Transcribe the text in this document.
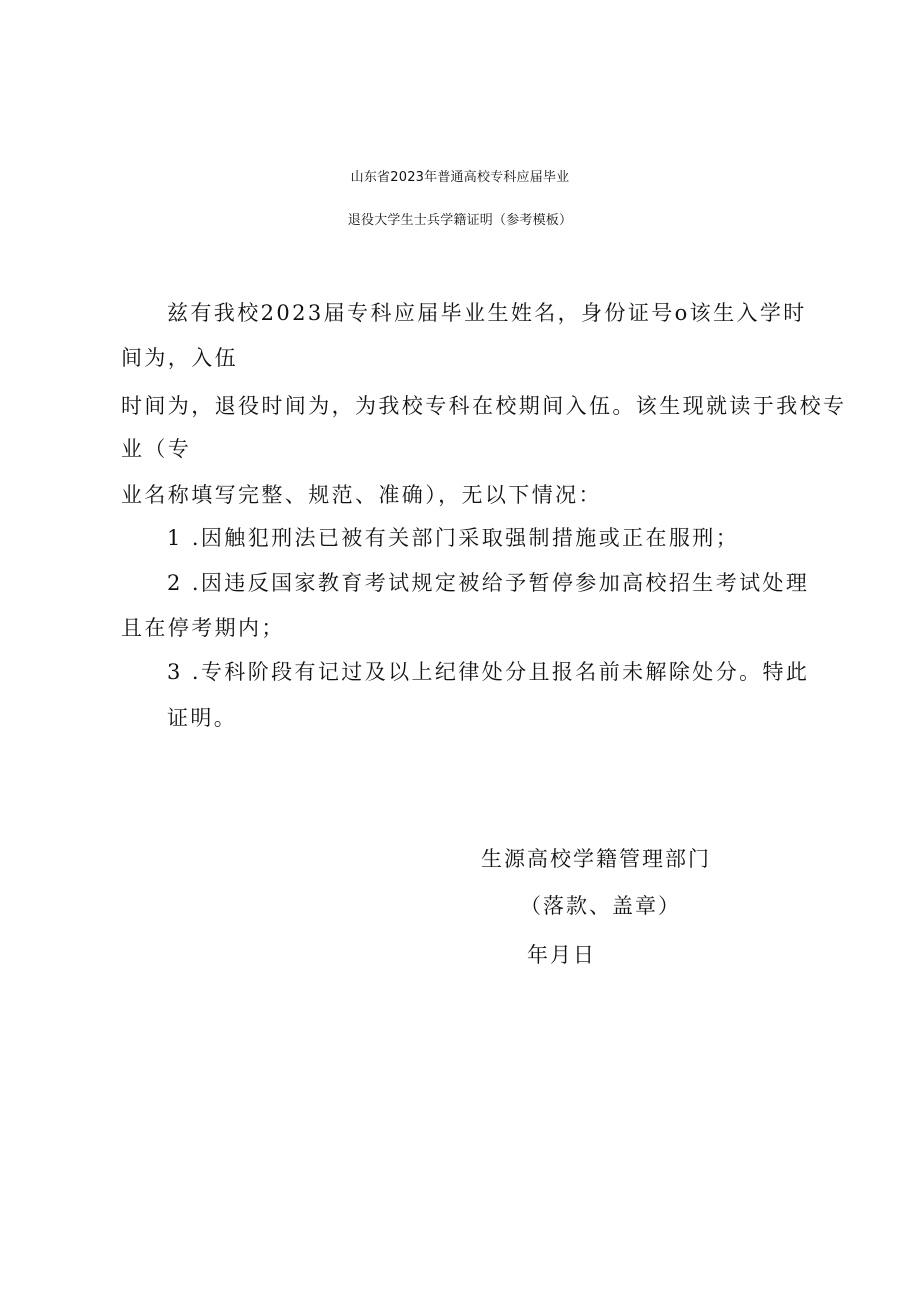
山东省2023年普通高校专科应届毕业
退役大学生士兵学籍证明（参考模板）
兹有我校2023届专科应届毕业生姓名，身份证号o该生入学时
间为，入伍
时间为，退役时间为，为我校专科在校期间入伍。该生现就读于我校专
业（专
业名称填写完整、规范、准确），无以下情况：
1 .因触犯刑法已被有关部门采取强制措施或正在服刑；
2 .因违反国家教育考试规定被给予暂停参加高校招生考试处理
且在停考期内；
3 .专科阶段有记过及以上纪律处分且报名前未解除处分。特此
证明。
生源高校学籍管理部门
（落款、盖章）
年月日
